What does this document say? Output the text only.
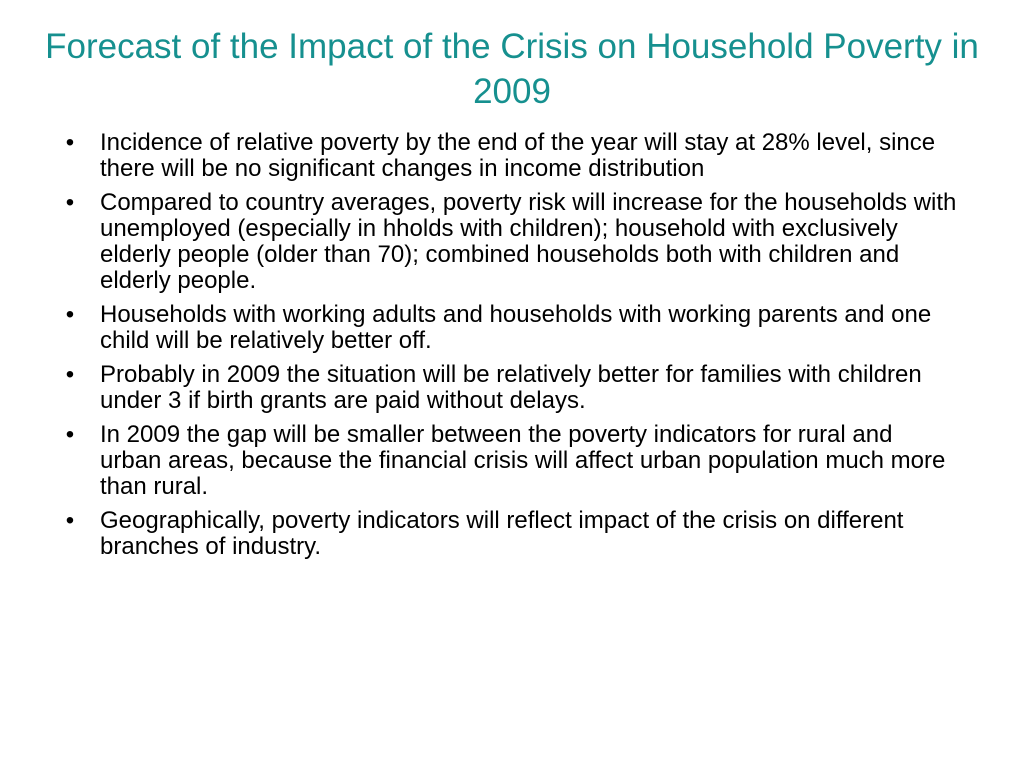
Forecast of the Impact of the Crisis on Household Poverty in 2009
• Incidence of relative poverty by the end of the year will stay at 28% level, since there will be no significant changes in income distribution
• Compared to country averages, poverty risk will increase for the households with unemployed (especially in hholds with children); household with exclusively elderly people (older than 70); combined households both with children and elderly people.
• Households with working adults and households with working parents and one child will be relatively better off.
• Probably in 2009 the situation will be relatively better for families with children under 3 if birth grants are paid without delays.
• In 2009 the gap will be smaller between the poverty indicators for rural and urban areas, because the financial crisis will affect urban population much more than rural.
• Geographically, poverty indicators will reflect impact of the crisis on different branches of industry.
